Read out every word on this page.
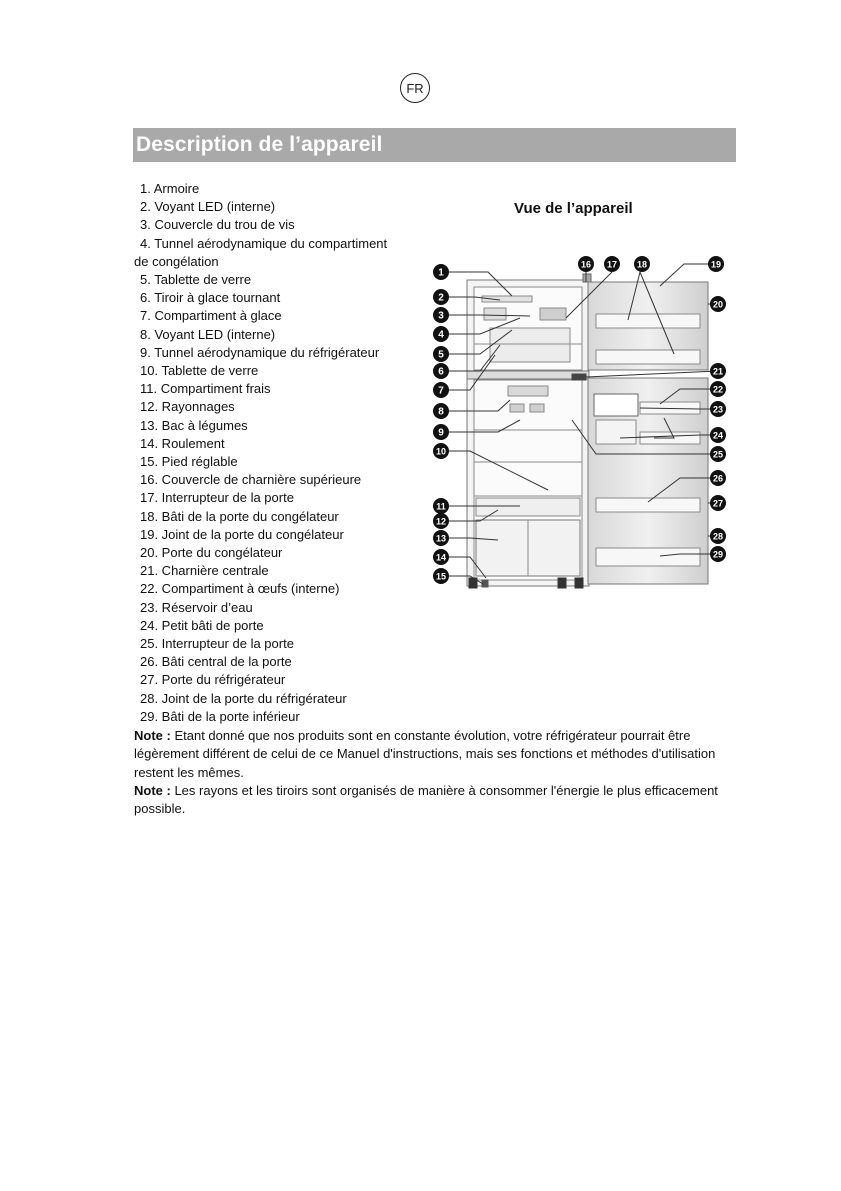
FR
Description de l’appareil
1. Armoire
2. Voyant LED (interne)
3. Couvercle du trou de vis
4. Tunnel aérodynamique du compartiment
de congélation
5. Tablette de verre
6. Tiroir à glace tournant
7. Compartiment à glace
8. Voyant LED (interne)
9. Tunnel aérodynamique du réfrigérateur
10. Tablette de verre
11. Compartiment frais
12. Rayonnages
13. Bac à légumes
14. Roulement
15. Pied réglable
16. Couvercle de charnière supérieure
17. Interrupteur de la porte
18. Bâti de la porte du congélateur
19. Joint de la porte du congélateur
20. Porte du congélateur
21. Charnière centrale
22. Compartiment à œufs (interne)
23. Réservoir d’eau
24. Petit bâti de porte
25. Interrupteur de la porte
26. Bâti central de la porte
27. Porte du réfrigérateur
28. Joint de la porte du réfrigérateur
29. Bâti de la porte inférieur
Vue de l’appareil
1
2
3
4
5
6
7
8
9
10
11
12
13
14
15
16 17 18	19
20
21
22
23
24
25
26
27
28
29

Note : Etant donné que nos produits sont en constante évolution, votre réfrigérateur pourrait être légèrement différent de celui de ce Manuel d'instructions, mais ses fonctions et méthodes d'utilisation restent les mêmes.

Note : Les rayons et les tiroirs sont organisés de manière à consommer l'énergie le plus efficacement possible.
